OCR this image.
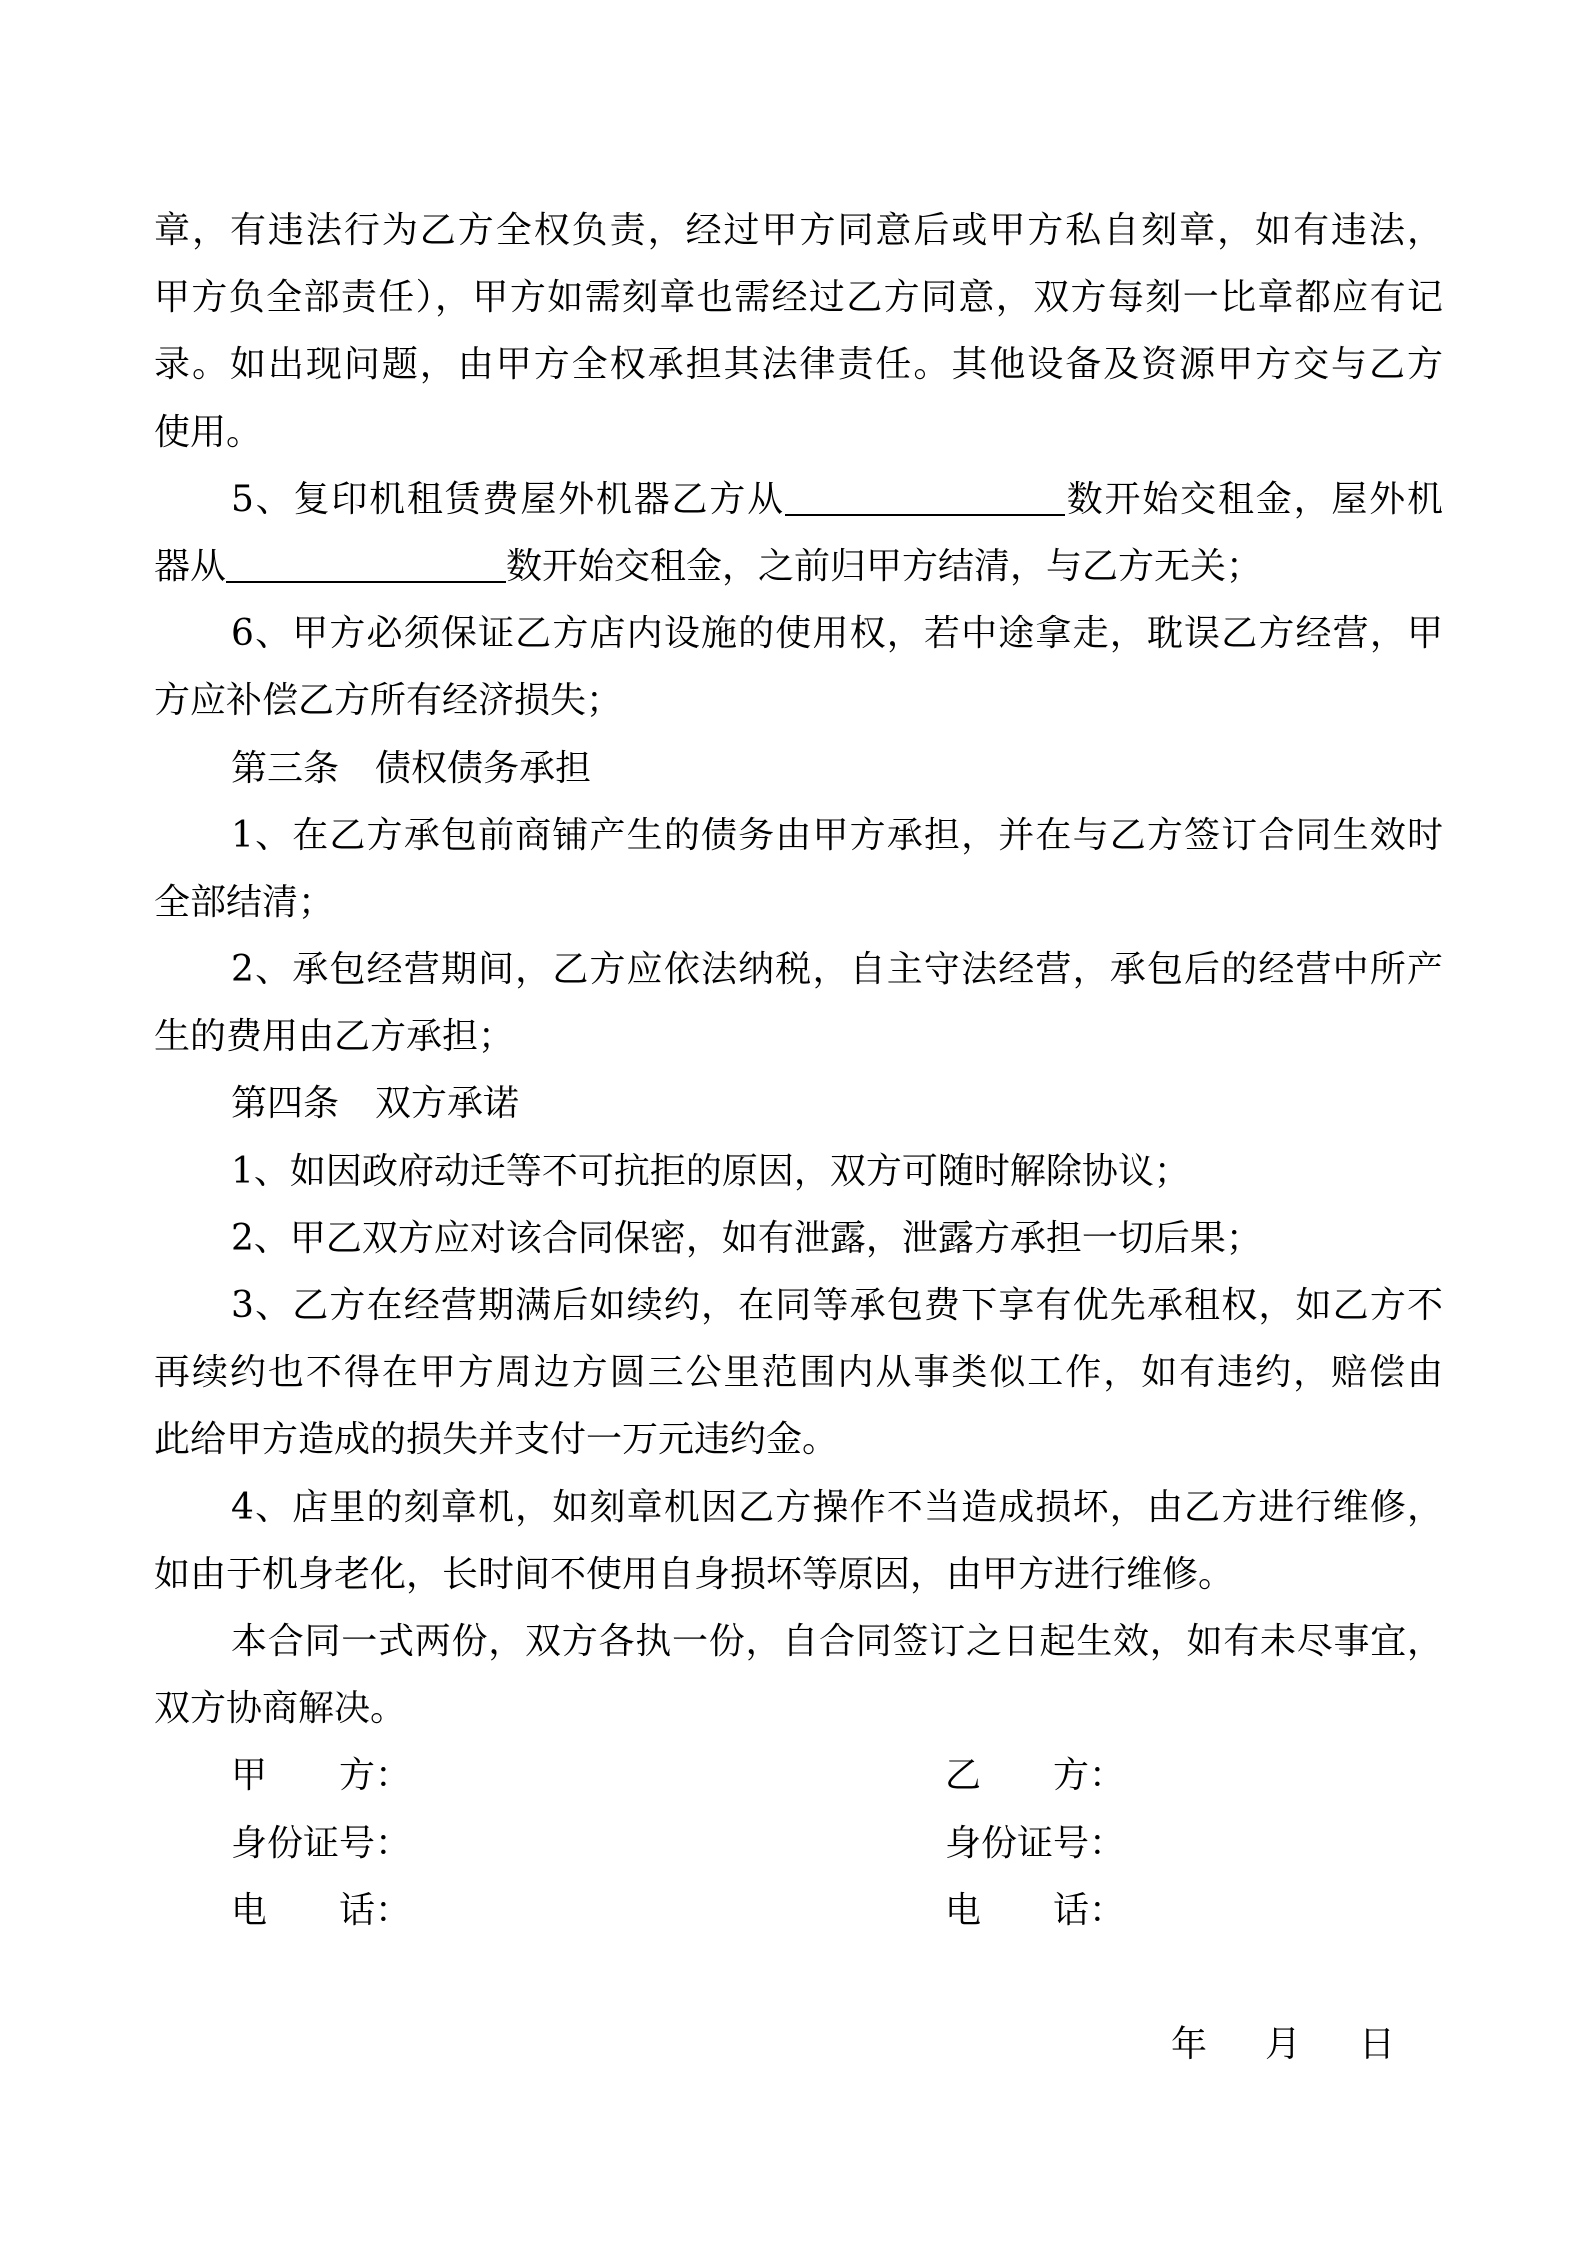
章，有违法行为乙方全权负责，经过甲方同意后或甲方私自刻章，如有违法，
甲方负全部责任），甲方如需刻章也需经过乙方同意，双方每刻一比章都应有记
录。如出现问题，由甲方全权承担其法律责任。其他设备及资源甲方交与乙方
使用。
5、复印机租赁费屋外机器乙方从	数开始交租金，屋外机
器从	数开始交租金，之前归甲方结清，与乙方无关；
6、甲方必须保证乙方店内设施的使用权，若中途拿走，耽误乙方经营，甲
方应补偿乙方所有经济损失；
第三条　债权债务承担
1、在乙方承包前商铺产生的债务由甲方承担，并在与乙方签订合同生效时
全部结清；
2、承包经营期间，乙方应依法纳税，自主守法经营，承包后的经营中所产
生的费用由乙方承担；
第四条　双方承诺
1、如因政府动迁等不可抗拒的原因，双方可随时解除协议；
2、甲乙双方应对该合同保密，如有泄露，泄露方承担一切后果；
3、乙方在经营期满后如续约，在同等承包费下享有优先承租权，如乙方不
再续约也不得在甲方周边方圆三公里范围内从事类似工作，如有违约，赔偿由
此给甲方造成的损失并支付一万元违约金。
4、店里的刻章机，如刻章机因乙方操作不当造成损坏，由乙方进行维修，
如由于机身老化，长时间不使用自身损坏等原因，由甲方进行维修。
本合同一式两份，双方各执一份，自合同签订之日起生效，如有未尽事宜，
双方协商解决。
甲　　方：	乙　　方：
身份证号：	身份证号：
电　　话：	电　　话：
年 月 日
